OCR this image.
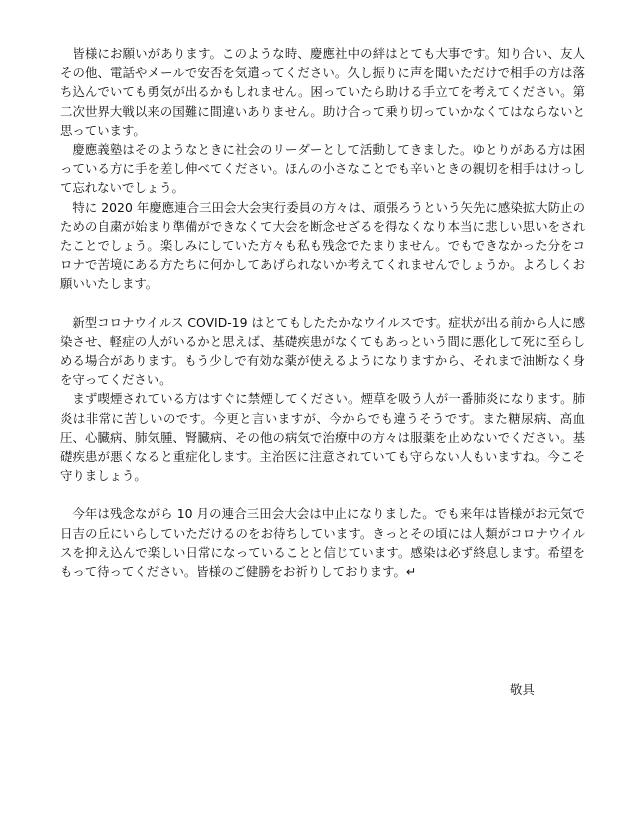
皆様にお願いがあります。このような時、慶應社中の絆はとても大事です。知り合い、友人その他、電話やメールで安否を気遣ってください。久し振りに声を聞いただけで相手の方は落ち込んでいても勇気が出るかもしれません。困っていたら助ける手立てを考えてください。第二次世界大戦以来の国難に間違いありません。助け合って乗り切っていかなくてはならないと思っています。

慶應義塾はそのようなときに社会のリーダーとして活動してきました。ゆとりがある方は困っている方に手を差し伸べてください。ほんの小さなことでも辛いときの親切を相手はけっして忘れないでしょう。

特に 2020 年慶應連合三田会大会実行委員の方々は、頑張ろうという矢先に感染拡大防止のための自粛が始まり準備ができなくて大会を断念せざるを得なくなり本当に悲しい思いをされたことでしょう。楽しみにしていた方々も私も残念でたまりません。でもできなかった分をコロナで苦境にある方たちに何かしてあげられないか考えてくれませんでしょうか。よろしくお願いいたします。

新型コロナウイルス COVID-19 はとてもしたたかなウイルスです。症状が出る前から人に感染させ、軽症の人がいるかと思えば、基礎疾患がなくてもあっという間に悪化して死に至らしめる場合があります。もう少しで有効な薬が使えるようになりますから、それまで油断なく身を守ってください。

まず喫煙されている方はすぐに禁煙してください。煙草を吸う人が一番肺炎になります。肺炎は非常に苦しいのです。今更と言いますが、今からでも違うそうです。また糖尿病、高血圧、心臓病、肺気腫、腎臓病、その他の病気で治療中の方々は服薬を止めないでください。基礎疾患が悪くなると重症化します。主治医に注意されていても守らない人もいますね。今こそ守りましょう。

今年は残念ながら 10 月の連合三田会大会は中止になりました。でも来年は皆様がお元気で日吉の丘にいらしていただけるのをお待ちしています。きっとその頃には人類がコロナウイルスを抑え込んで楽しい日常になっていることと信じています。感染は必ず終息します。希望をもって待ってください。皆様のご健勝をお祈りしております。↵

敬具
